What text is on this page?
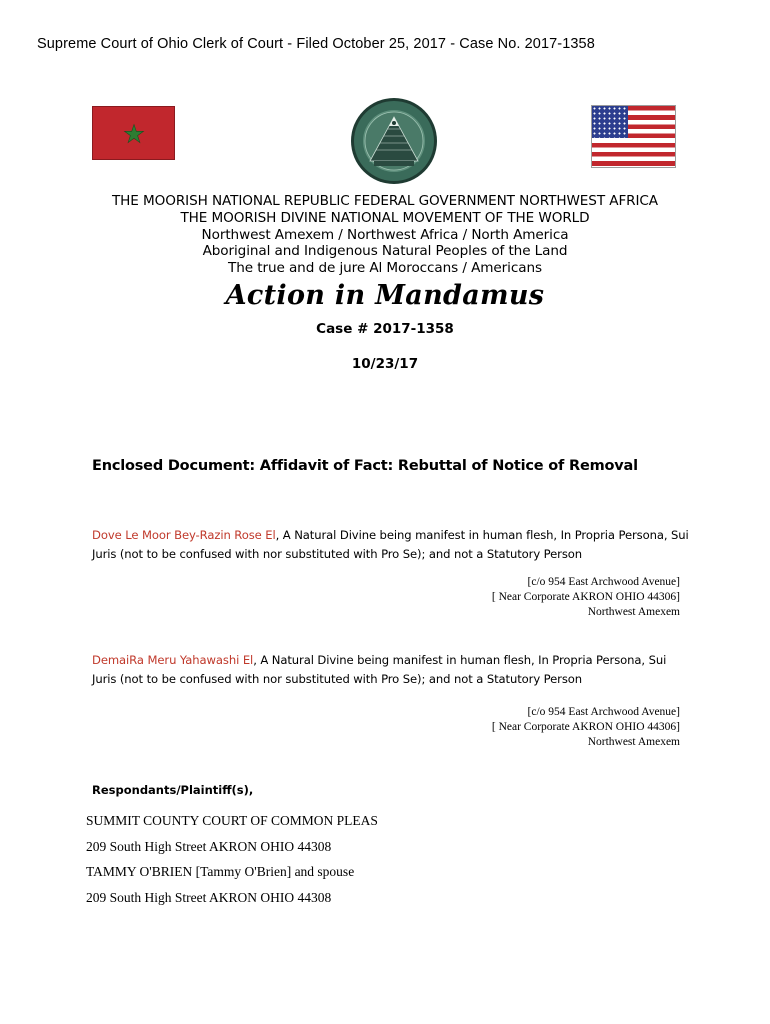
Supreme Court of Ohio Clerk of Court - Filed October 25, 2017 - Case No. 2017-1358
THE MOORISH NATIONAL REPUBLIC FEDERAL GOVERNMENT NORTHWEST AFRICA
THE MOORISH DIVINE NATIONAL MOVEMENT OF THE WORLD
Northwest Amexem / Northwest Africa / North America
Aboriginal and Indigenous Natural Peoples of the Land
The true and de jure Al Moroccans / Americans
Action in Mandamus
Case # 2017-1358
10/23/17
Enclosed Document: Affidavit of Fact: Rebuttal of Notice of Removal
Dove Le Moor Bey-Razin Rose El, A Natural Divine being manifest in human flesh, In Propria Persona, Sui
Juris (not to be confused with nor substituted with Pro Se); and not a Statutory Person
[c/o 954 East Archwood Avenue]
[ Near Corporate AKRON OHIO 44306]
Northwest Amexem
DemaiRa Meru Yahawashi El, A Natural Divine being manifest in human flesh, In Propria Persona, Sui
Juris (not to be confused with nor substituted with Pro Se); and not a Statutory Person
[c/o 954 East Archwood Avenue]
[ Near Corporate AKRON OHIO 44306]
Northwest Amexem
Respondants/Plaintiff(s),
SUMMIT COUNTY COURT OF COMMON PLEAS
209 South High Street AKRON OHIO 44308
TAMMY O'BRIEN [Tammy O'Brien] and spouse
209 South High Street AKRON OHIO 44308
